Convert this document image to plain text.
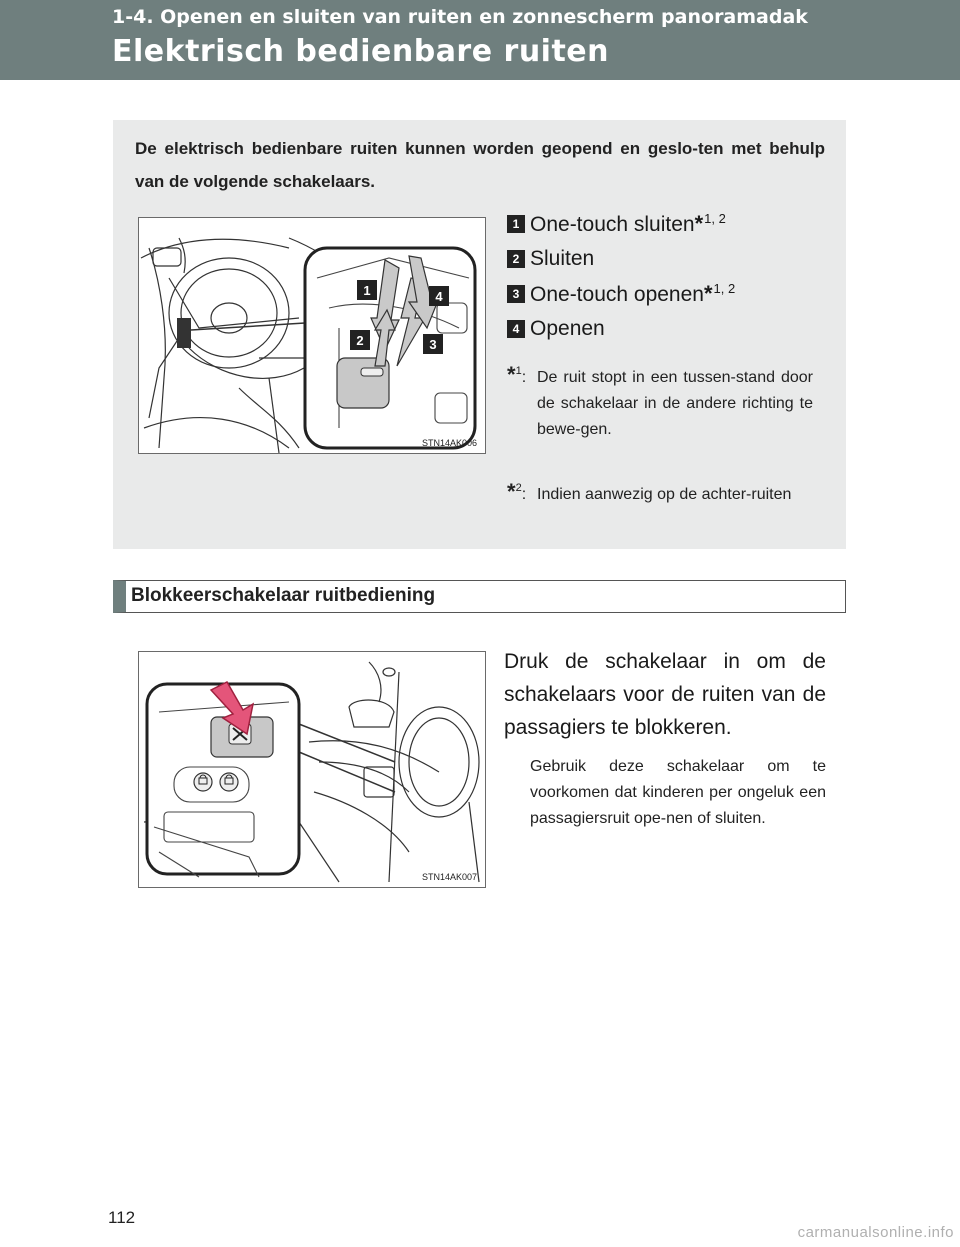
1-4. Openen en sluiten van ruiten en zonnescherm panoramadak
Elektrisch bedienbare ruiten
De elektrisch bedienbare ruiten kunnen worden geopend en geslo-ten met behulp van de volgende schakelaars.
1
2	3
4
STN14AK006
1 One-touch sluiten*$^{1, 2}$
2 Sluiten
3 One-touch openen*$^{1, 2}$
4 Openen
*$^1$: De ruit stopt in een tussen-stand door de schakelaar in de andere richting te bewe-gen.
*$^2$: Indien aanwezig op de achter-ruiten
Blokkeerschakelaar ruitbediening
STN14AK007
Druk de schakelaar in om de schakelaars voor de ruiten van de passagiers te blokkeren.
Gebruik deze schakelaar om te voorkomen dat kinderen per ongeluk een passagiersruit ope-nen of sluiten.
112
carmanualsonline.info
